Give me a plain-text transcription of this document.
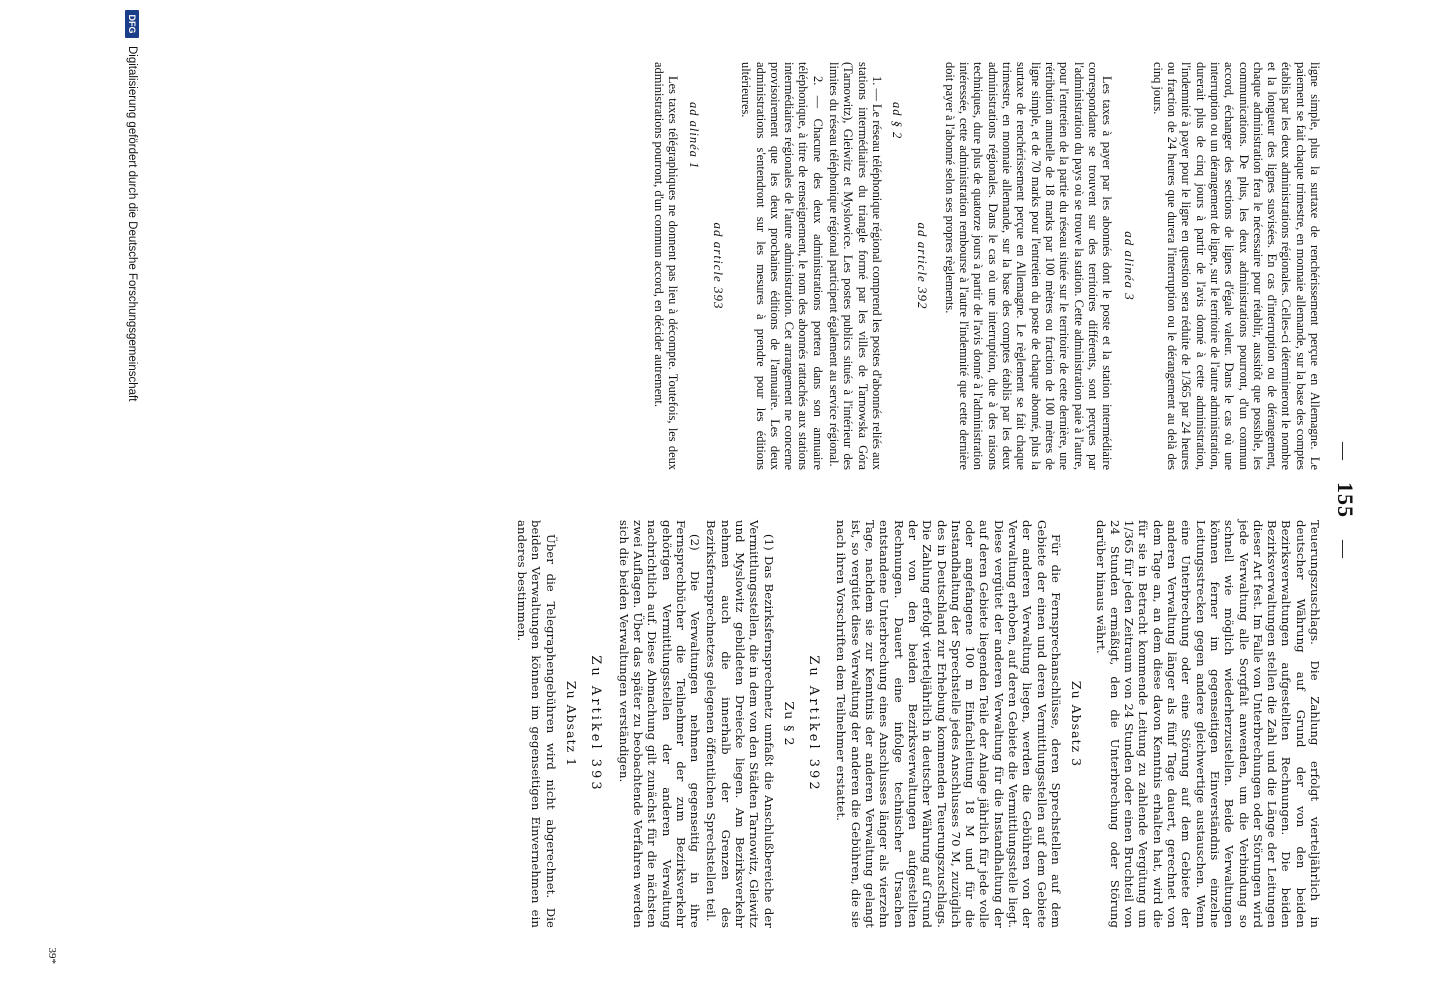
— 155 —

ligne simple, plus la surtaxe de renchérissement perçue en Allemagne. Le paiement se fait chaque trimestre, en monnaie allemande, sur la base des comptes établis par les deux administrations régionales. Celles-ci détermineront le nombre et la longueur des lignes susvisées. En cas d'interruption ou de dérangement, chaque administration fera le nécessaire pour rétablir, aussitôt que possible, les communications. De plus, les deux administrations pourront, d'un commun accord, échanger des sections de lignes d'égale valeur. Dans le cas où une interruption ou un dérangement de ligne, sur le territoire de l'autre administration, durerait plus de cinq jours à partir de l'avis donné à cette administration, l'indemnité à payer pour le ligne en question sera réduite de 1/365 par 24 heures ou fraction de 24 heures que durera l'interruption ou le dérangement au delà des cinq jours.

ad alinéa 3

Les taxes à payer par les abonnés dont le poste et la station intermédiaire correspondante se trouvent sur des territoires différents, sont perçues par l'administration du pays où se trouve la station. Cette administration paie à l'autre, pour l'entretien de la partie du réseau située sur le territoire de cette dernière, une rétribution annuelle de 18 marks par 100 mètres ou fraction de 100 mètres de ligne simple, et de 70 marks pour l'entretien du poste de chaque abonné, plus la surtaxe de renchérissement perçue en Allemagne. Le règlement se fait chaque trimestre, en monnaie allemande, sur la base des comptes établis par les deux administrations régionales. Dans le cas où une interruption, due à des raisons techniques, dure plus de quatorze jours à partir de l'avis donné à l'administration intéressée, cette administration rembourse à l'autre l'indemnité que cette dernière doit payer à l'abonné selon ses propres règlements.

ad article 392
ad § 2

1. — Le réseau téléphonique régional comprend les postes d'abonnés reliés aux stations intermédiaires du triangle formé par les villes de Tarnowska Góra (Tarnowitz), Gleiwitz et Myslowice. Les postes publics situés à l'intérieur des limites du réseau téléphonique régional participent également au service régional.

2. — Chacune des deux administrations portera dans son annuaire téléphonique, à titre de renseignement, le nom des abonnés rattachés aux stations intermédiaires régionales de l'autre administration. Cet arrangement ne concerne provisoirement que les deux prochaines éditions de l'annuaire. Les deux administrations s'entendront sur les mesures à prendre pour les éditions ultérieures.

ad article 393
ad alinéa 1

Les taxes télégraphiques ne donnent pas lieu à décompte. Toutefois, les deux administrations pourront, d'un commun accord, en décider autrement.

Teuerungszuschlags. Die Zahlung erfolgt vierteljährlich in deutscher Währung auf Grund der von den beiden Bezirksverwaltungen aufgestellten Rechnungen. Die beiden Bezirksverwaltungen stellen die Zahl und die Länge der Leitungen dieser Art fest. Im Falle von Unterbrechungen oder Störungen wird jede Verwaltung alle Sorgfalt anwenden, um die Verbindung so schnell wie möglich wiederherzustellen. Beide Verwaltungen können ferner im gegenseitigen Einverständnis einzelne Leitungsstrecken gegen andere gleichwertige austauschen. Wenn eine Unterbrechung oder eine Störung auf dem Gebiete der anderen Verwaltung länger als fünf Tage dauert, gerechnet von dem Tage an, an dem diese davon Kenntnis erhalten hat, wird die für sie in Betracht kommende Leitung zu zahlende Vergütung um 1/365 für jeden Zeitraum von 24 Stunden oder einen Bruchteil von 24 Stunden ermäßigt, den die Unterbrechung oder Störung darüber hinaus währt.

Zu Absatz 3

Für die Fernsprechanschlüsse, deren Sprechstellen auf dem Gebiete der einen und deren Vermittlungsstellen auf dem Gebiete der anderen Verwaltung liegen, werden die Gebühren von der Verwaltung erhoben, auf deren Gebiete die Vermittlungsstelle liegt. Diese vergütet der anderen Verwaltung für die Instandhaltung der auf deren Gebiete liegenden Teile der Anlage jährlich für jede volle oder angefangene 100 m Einfachleitung 18 M und für die Instandhaltung der Sprechstelle jedes Anschlusses 70 M, zuzüglich des in Deutschland zur Erhebung kommenden Teuerungszuschlags. Die Zahlung erfolgt vierteljährlich in deutscher Währung auf Grund der von den beiden Bezirksverwaltungen aufgestellten Rechnungen. Dauert eine infolge technischer Ursachen entstandene Unterbrechung eines Anschlusses länger als vierzehn Tage, nachdem sie zur Kenntnis der anderen Verwaltung gelangt ist, so vergütet diese Verwaltung der anderen die Gebühren, die sie nach ihren Vorschriften dem Teilnehmer erstattet.

Zu Artikel 392
Zu § 2

(1) Das Bezirksfernsprechnetz umfaßt die Anschlußbereiche der Vermittlungsstellen, die in dem von den Städten Tarnowitz, Gleiwitz und Myslowitz gebildeten Dreiecke liegen. Am Bezirksverkehr nehmen auch die innerhalb der Grenzen des Bezirksfernsprechnetzes gelegenen öffentlichen Sprechstellen teil.

(2) Die Verwaltungen nehmen gegenseitig in ihre Fernsprechbücher die Teilnehmer der zum Bezirksverkehr gehörigen Vermittlungsstellen der anderen Verwaltung nachrichtlich auf. Diese Abmachung gilt zunächst für die nächsten zwei Auflagen. Über das später zu beobachtende Verfahren werden sich die beiden Verwaltungen verständigen.

Zu Artikel 393
Zu Absatz 1

Über die Telegraphengebühren wird nicht abgerechnet. Die beiden Verwaltungen können im gegenseitigen Einvernehmen ein anderes bestimmen.

39*
DFG
Digitalisierung gefördert durch die Deutsche Forschungsgemeinschaft
